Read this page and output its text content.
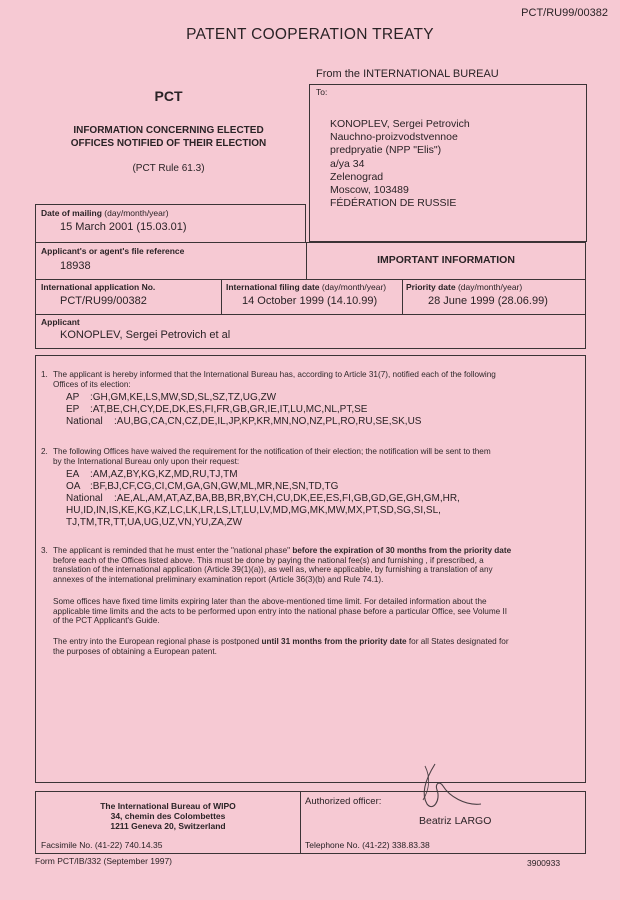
PCT/RU99/00382
PATENT COOPERATION TREATY
From the INTERNATIONAL BUREAU
PCT
INFORMATION CONCERNING ELECTED
OFFICES NOTIFIED OF THEIR ELECTION
(PCT Rule 61.3)
To:
KONOPLEV, Sergei Petrovich
Nauchno-proizvodstvennoe
predpryatie (NPP "Elis")
a/ya 34
Zelenograd
Moscow, 103489
FÉDÉRATION DE RUSSIE
Date of mailing (day/month/year)
15 March 2001 (15.03.01)
Applicant's or agent's file reference
18938	IMPORTANT INFORMATION
International application No.
PCT/RU99/00382
International filing date (day/month/year)
14 October 1999 (14.10.99)
Priority date (day/month/year)
28 June 1999 (28.06.99)
Applicant
KONOPLEV, Sergei Petrovich et al
1. The applicant is hereby informed that the International Bureau has, according to Article 31(7), notified each of the following
Offices of its election:
AP :GH,GM,KE,LS,MW,SD,SL,SZ,TZ,UG,ZW
EP :AT,BE,CH,CY,DE,DK,ES,FI,FR,GB,GR,IE,IT,LU,MC,NL,PT,SE
National :AU,BG,CA,CN,CZ,DE,IL,JP,KP,KR,MN,NO,NZ,PL,RO,RU,SE,SK,US
2. The following Offices have waived the requirement for the notification of their election; the notification will be sent to them
by the International Bureau only upon their request:
EA :AM,AZ,BY,KG,KZ,MD,RU,TJ,TM
OA :BF,BJ,CF,CG,CI,CM,GA,GN,GW,ML,MR,NE,SN,TD,TG
National :AE,AL,AM,AT,AZ,BA,BB,BR,BY,CH,CU,DK,EE,ES,FI,GB,GD,GE,GH,GM,HR,
HU,ID,IN,IS,KE,KG,KZ,LC,LK,LR,LS,LT,LU,LV,MD,MG,MK,MW,MX,PT,SD,SG,SI,SL,
TJ,TM,TR,TT,UA,UG,UZ,VN,YU,ZA,ZW
3. The applicant is reminded that he must enter the "national phase" before the expiration of 30 months from the priority date
before each of the Offices listed above. This must be done by paying the national fee(s) and furnishing , if prescribed, a
translation of the international application (Article 39(1)(a)), as well as, where applicable, by furnishing a translation of any
annexes of the international preliminary examination report (Article 36(3)(b) and Rule 74.1).
Some offices have fixed time limits expiring later than the above-mentioned time limit. For detailed information about the
applicable time limits and the acts to be performed upon entry into the national phase before a particular Office, see Volume II
of the PCT Applicant's Guide.
The entry into the European regional phase is postponed until 31 months from the priority date for all States designated for
the purposes of obtaining a European patent.
The International Bureau of WIPO
34, chemin des Colombettes
1211 Geneva 20, Switzerland
Facsimile No. (41-22) 740.14.35
Authorized officer:
Beatriz LARGO
Telephone No. (41-22) 338.83.38
Form PCT/IB/332 (September 1997)	3900933
